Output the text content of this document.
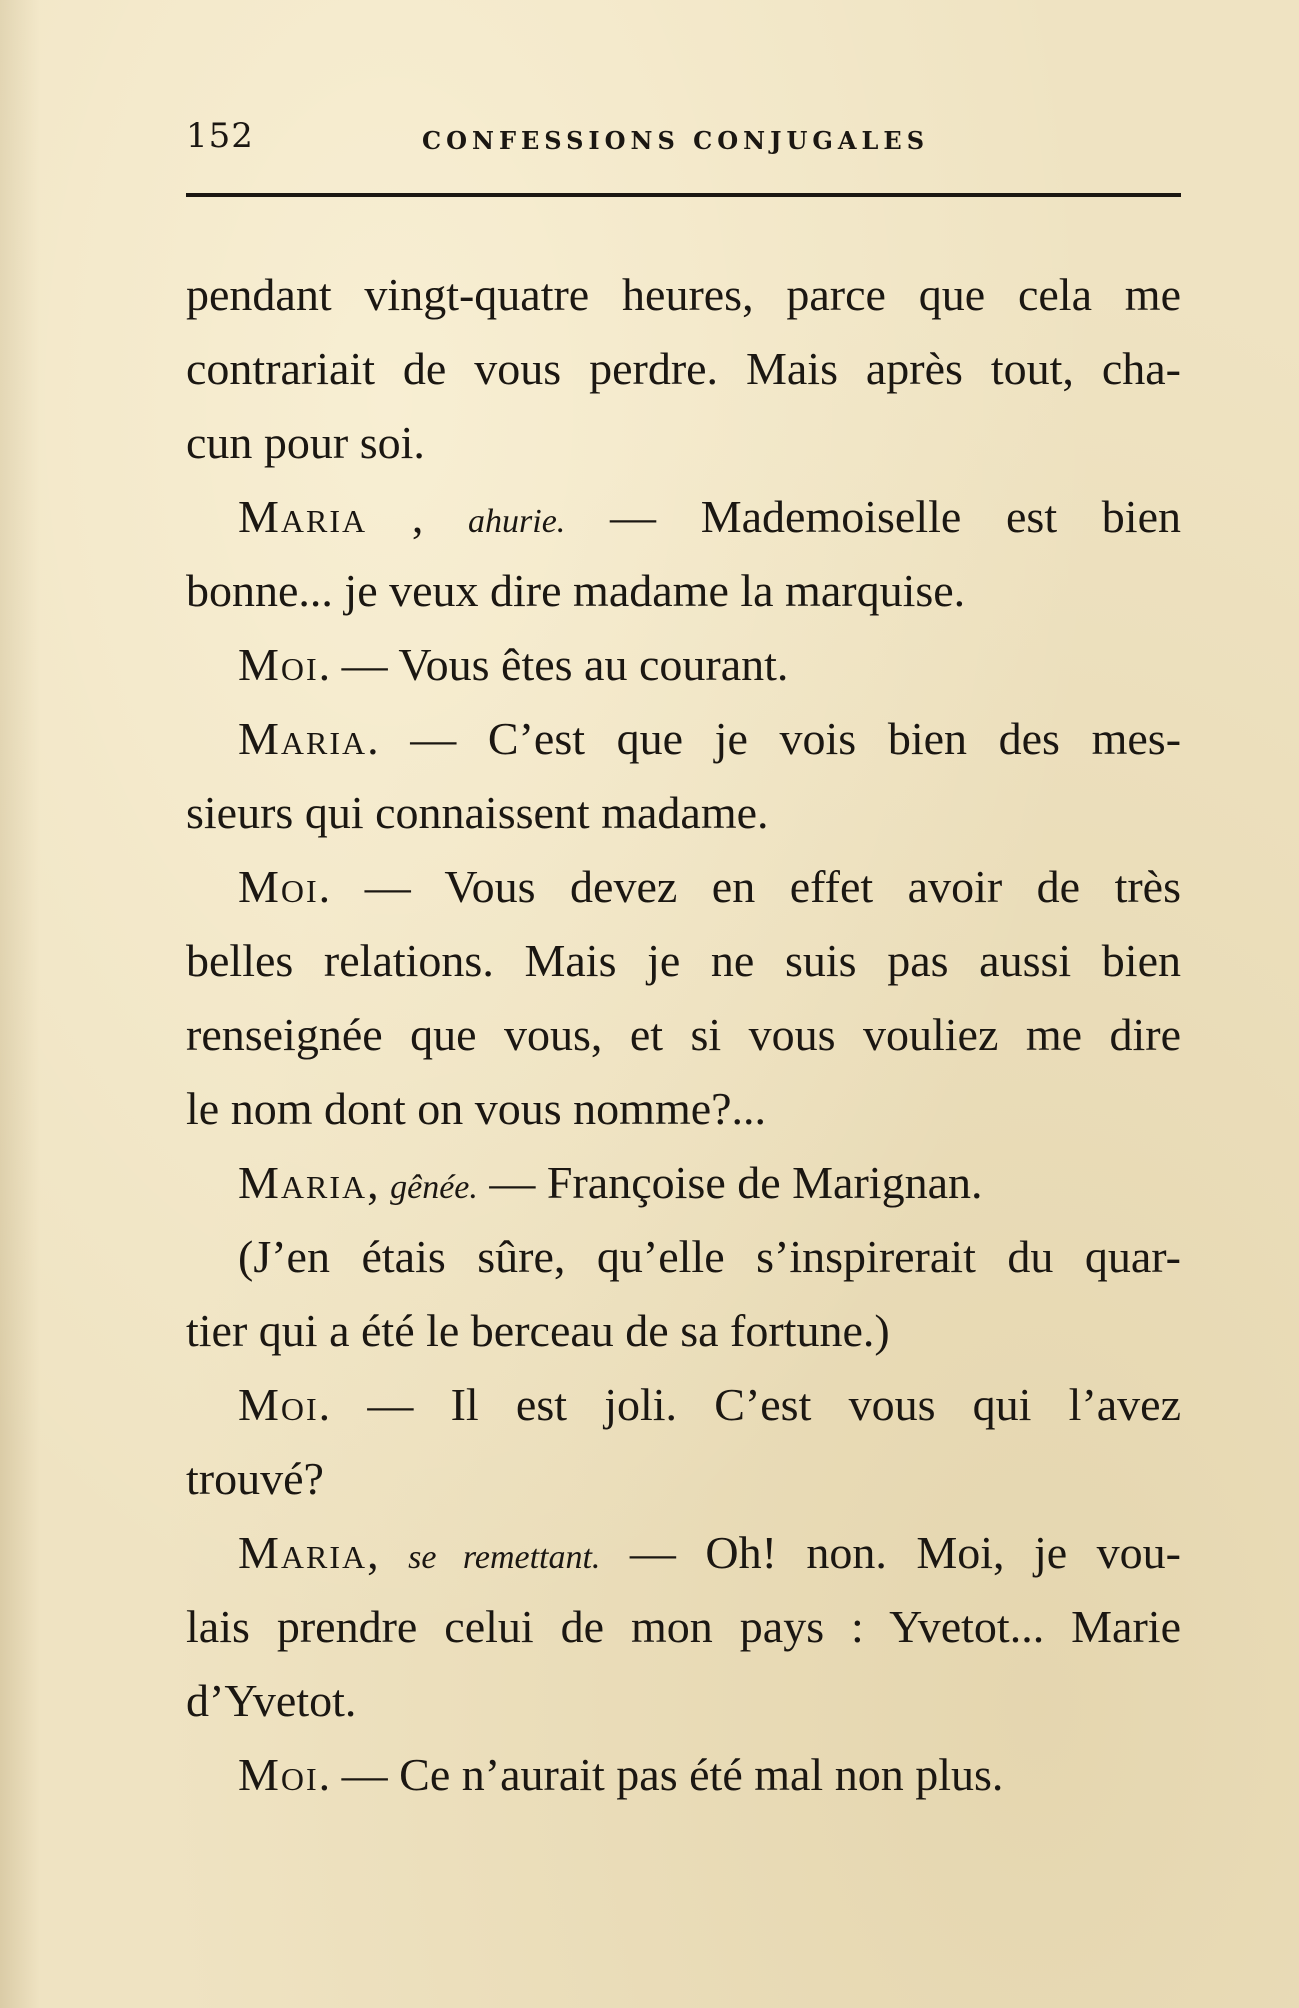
152	CONFESSIONS CONJUGALES
pendant vingt-quatre heures, parce que cela me
contrariait de vous perdre. Mais après tout, cha-
cun pour soi.
Maria , ahurie. — Mademoiselle est bien
bonne... je veux dire madame la marquise.
Moi. — Vous êtes au courant.
Maria. — C’est que je vois bien des mes-
sieurs qui connaissent madame.
Moi. — Vous devez en effet avoir de très
belles relations. Mais je ne suis pas aussi bien
renseignée que vous, et si vous vouliez me dire
le nom dont on vous nomme?...
Maria, gênée. — Françoise de Marignan.
(J’en étais sûre, qu’elle s’inspirerait du quar-
tier qui a été le berceau de sa fortune.)
Moi. — Il est joli. C’est vous qui l’avez
trouvé?
Maria, se remettant. — Oh! non. Moi, je vou-
lais prendre celui de mon pays : Yvetot... Marie
d’Yvetot.
Moi. — Ce n’aurait pas été mal non plus.
